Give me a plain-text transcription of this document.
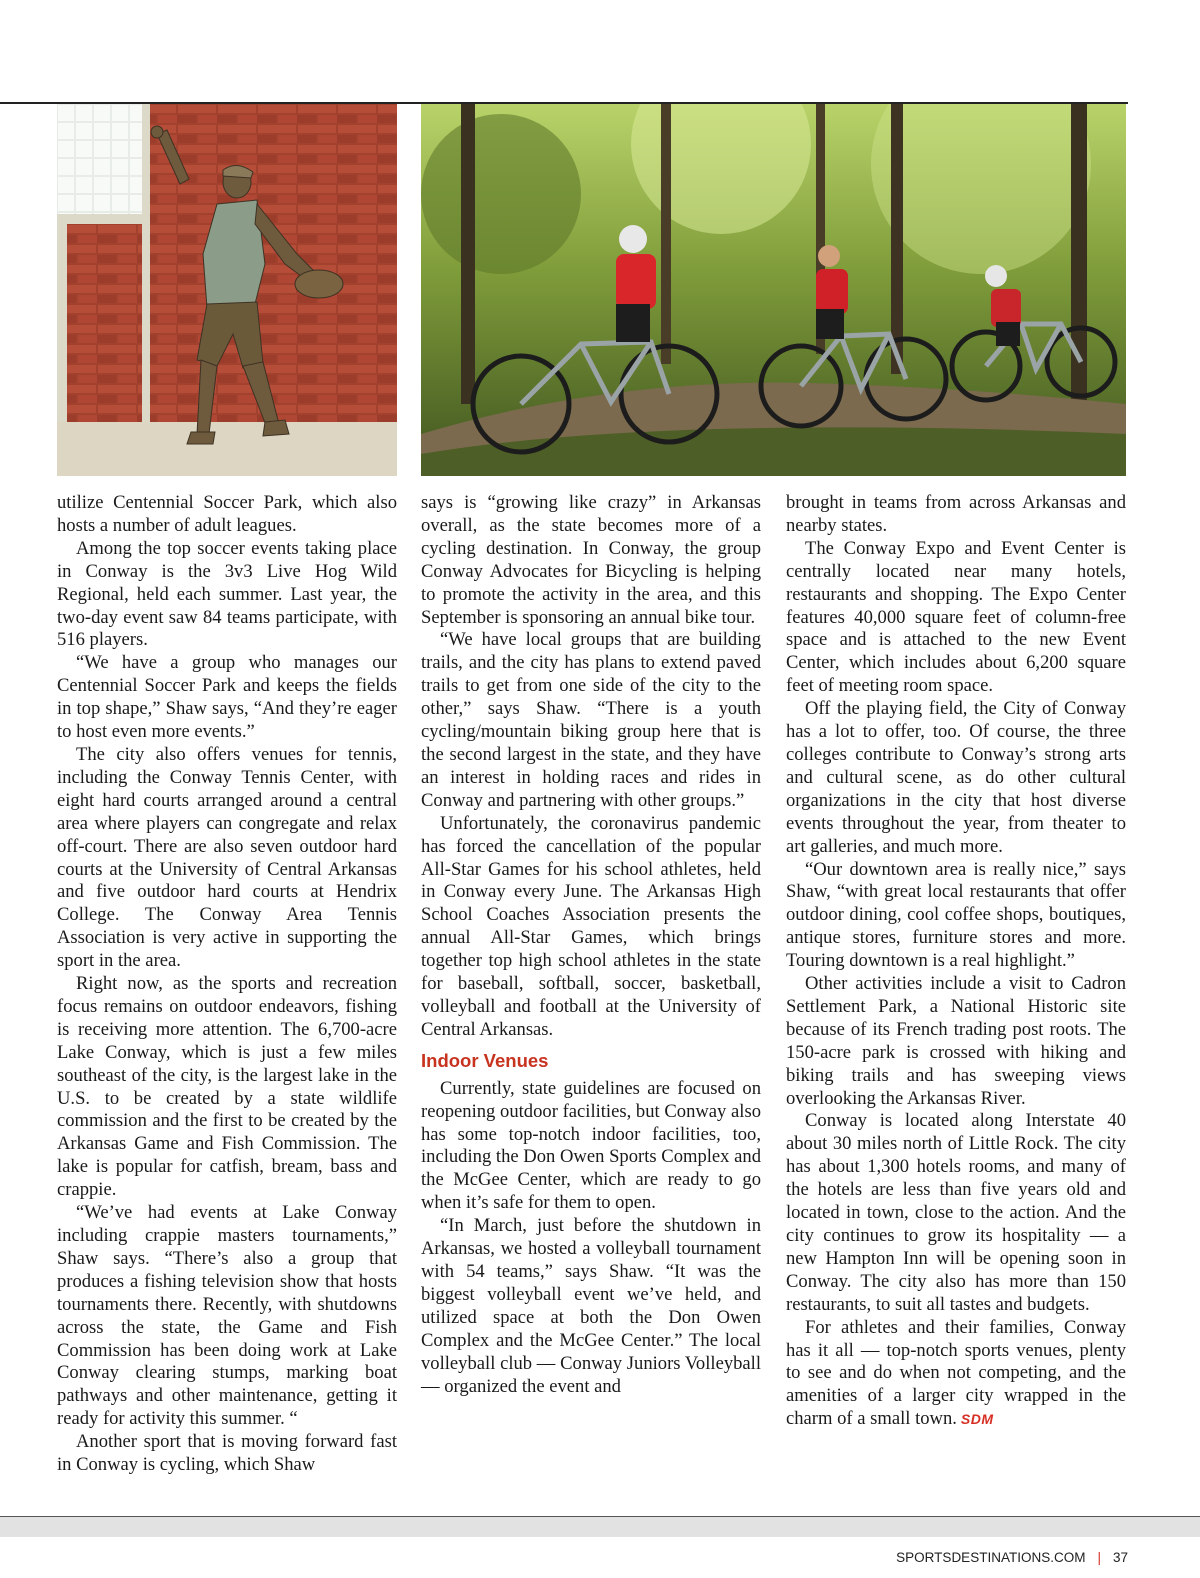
utilize Centennial Soccer Park, which also hosts a number of adult leagues.

Among the top soccer events taking place in Conway is the 3v3 Live Hog Wild Regional, held each summer. Last year, the two-day event saw 84 teams participate, with 516 players.

“We have a group who manages our Centennial Soccer Park and keeps the fields in top shape,” Shaw says, “And they’re eager to host even more events.”

The city also offers venues for tennis, including the Conway Tennis Center, with eight hard courts arranged around a central area where players can congregate and relax off-court. There are also seven outdoor hard courts at the University of Central Arkansas and five outdoor hard courts at Hendrix College. The Conway Area Tennis Association is very active in supporting the sport in the area.

Right now, as the sports and recreation focus remains on outdoor endeavors, fishing is receiving more attention. The 6,700-acre Lake Conway, which is just a few miles southeast of the city, is the largest lake in the U.S. to be created by a state wildlife commission and the first to be created by the Arkansas Game and Fish Commission. The lake is popular for catfish, bream, bass and crappie.

“We’ve had events at Lake Conway including crappie masters tournaments,” Shaw says. “There’s also a group that produces a fishing television show that hosts tournaments there. Recently, with shutdowns across the state, the Game and Fish Commission has been doing work at Lake Conway clearing stumps, marking boat pathways and other maintenance, getting it ready for activity this summer. “

Another sport that is moving forward fast in Conway is cycling, which Shaw

says is “growing like crazy” in Arkansas overall, as the state becomes more of a cycling destination. In Conway, the group Conway Advocates for Bicycling is helping to promote the activity in the area, and this September is sponsoring an annual bike tour.

“We have local groups that are building trails, and the city has plans to extend paved trails to get from one side of the city to the other,” says Shaw. “There is a youth cycling/mountain biking group here that is the second largest in the state, and they have an interest in holding races and rides in Conway and partnering with other groups.”

Unfortunately, the coronavirus pandemic has forced the cancellation of the popular All-Star Games for his school athletes, held in Conway every June. The Arkansas High School Coaches Association presents the annual All-Star Games, which brings together top high school athletes in the state for baseball, softball, soccer, basketball, volleyball and football at the University of Central Arkansas.

Indoor Venues

Currently, state guidelines are focused on reopening outdoor facilities, but Conway also has some top-notch indoor facilities, too, including the Don Owen Sports Complex and the McGee Center, which are ready to go when it’s safe for them to open.

“In March, just before the shutdown in Arkansas, we hosted a volleyball tournament with 54 teams,” says Shaw. “It was the biggest volleyball event we’ve held, and utilized space at both the Don Owen Complex and the McGee Center.” The local volleyball club — Conway Juniors Volleyball — organized the event and

brought in teams from across Arkansas and nearby states.

The Conway Expo and Event Center is centrally located near many hotels, restaurants and shopping. The Expo Center features 40,000 square feet of column-free space and is attached to the new Event Center, which includes about 6,200 square feet of meeting room space.

Off the playing field, the City of Conway has a lot to offer, too. Of course, the three colleges contribute to Conway’s strong arts and cultural scene, as do other cultural organizations in the city that host diverse events throughout the year, from theater to art galleries, and much more.

“Our downtown area is really nice,” says Shaw, “with great local restaurants that offer outdoor dining, cool coffee shops, boutiques, antique stores, furniture stores and more. Touring downtown is a real highlight.”

Other activities include a visit to Cadron Settlement Park, a National Historic site because of its French trading post roots. The 150-acre park is crossed with hiking and biking trails and has sweeping views overlooking the Arkansas River.

Conway is located along Interstate 40 about 30 miles north of Little Rock. The city has about 1,300 hotels rooms, and many of the hotels are less than five years old and located in town, close to the action. And the city continues to grow its hospitality — a new Hampton Inn will be opening soon in Conway. The city also has more than 150 restaurants, to suit all tastes and budgets.

For athletes and their families, Conway has it all — top-notch sports venues, plenty to see and do when not competing, and the amenities of a larger city wrapped in the charm of a small town. SDM

SPORTSDESTINATIONS.COM | 37
